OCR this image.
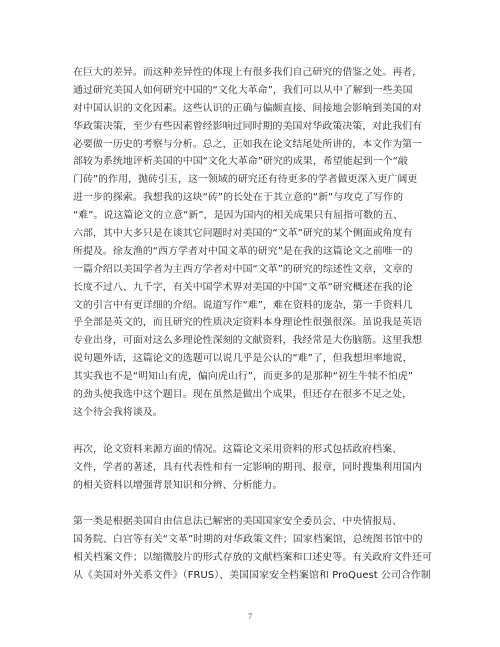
在巨大的差异。而这种差异性的体现上有很多我们自己研究的借鉴之处。再者，
通过研究美国人如何研究中国的“文化大革命”，我们可以从中了解到一些美国
对中国认识的文化因素。这些认识的正确与偏颇直接、间接地会影响到美国的对
华政策决策，至少有些因素曾经影响过同时期的美国对华政策决策，对此我们有
必要做一历史的考察与分析。总之，正如我在论文结尾处所讲的，本文作为第一
部较为系统地评析美国的中国“文化大革命”研究的成果，希望能起到一个“敲
门砖”的作用，抛砖引玉，这一领域的研究还有待更多的学者做更深入更广阔更
进一步的探索。我想我的这块“砖”的长处在于其立意的“新”与攻克了写作的
“难”。说这篇论文的立意“新”，是因为国内的相关成果只有屈指可数的五、
六部，其中大多只是在谈其它问题时对美国的“文革”研究的某个侧面或角度有
所提及。徐友渔的“西方学者对中国文革的研究”是在我的这篇论文之前唯一的
一篇介绍以美国学者为主西方学者对中国“文革”的研究的综述性文章，文章的
长度不过八、九千字，有关中国学术界对美国的中国“文革”研究概述在我的论
文的引言中有更详细的介绍。说道写作“难”，难在资料的庞杂，第一手资料几
乎全部是英文的，而且研究的性质决定资料本身理论性很强很深。虽说我是英语
专业出身，可面对这么多理论性深刻的文献资料，我经常是大伤脑筋。这里我想
说句题外话，这篇论文的选题可以说几乎是公认的“难”了，但我想坦率地说，
其实我也不是“明知山有虎，偏向虎山行”，而更多的是那种“初生牛犊不怕虎”
的劲头使我选中这个题目。现在虽然是做出个成果，但还存在很多不足之处，
这个待会我将谈及。
再次，论文资料来源方面的情况。这篇论文采用资料的形式包括政府档案、
文件，学者的著述，具有代表性和有一定影响的期刊、报章，同时搜集利用国内
的相关资料以增强背景知识和分辨、分析能力。
第一类是根据美国自由信息法已解密的美国国家安全委员会、中央情报局、
国务院、白宫等有关“文革”时期的对华政策文件；国家档案馆，总统图书馆中的
相关档案文件；以缩微胶片的形式存放的文献档案和口述史等。有关政府文件还可
从《美国对外关系文件》（FRUS）、美国国家安全档案馆和 ProQuest 公司合作制
7
